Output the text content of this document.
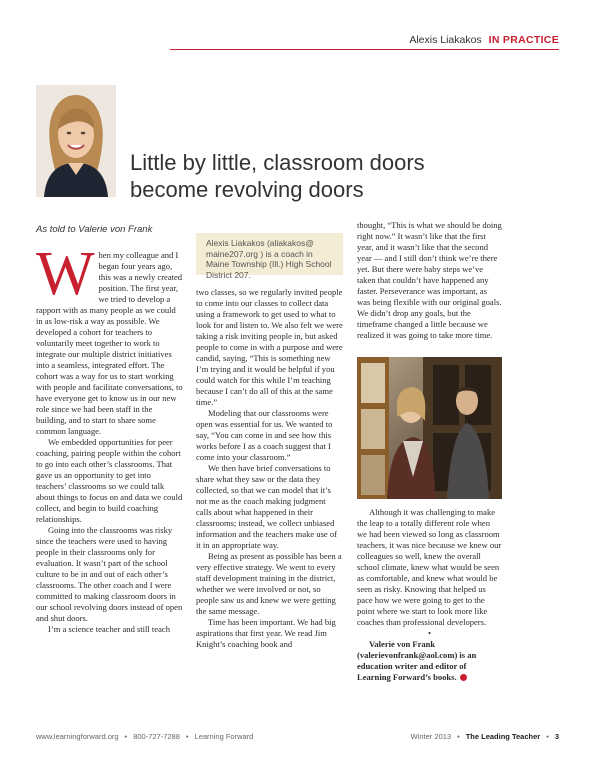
Alexis Liakakos IN PRACTICE
Little by little, classroom doors
become revolving doors
As told to Valerie von Frank
Alexis Liakakos (aliakakos@ maine207.org ) is a coach in Maine Township (Ill.) High School District 207.

When my colleague and I began four years ago, this was a newly created position. The first year, we tried to develop a rapport with as many people as we could in as low-risk a way as possible. We developed a cohort for teachers to voluntarily meet together to work to integrate our multiple district initiatives into a seamless, integrated effort. The cohort was a way for us to start working with people and facilitate conversations, to have everyone get to know us in our new role since we had been staff in the building, and to start to share some common language.

We embedded opportunities for peer coaching, pairing people within the cohort to go into each other’s classrooms. That gave us an opportunity to get into teachers’ classrooms so we could talk about things to focus on and data we could collect, and begin to build coaching relationships.

Going into the classrooms was risky since the teachers were used to having people in their classrooms only for evaluation. It wasn’t part of the school culture to be in and out of each other’s classrooms. The other coach and I were committed to making classroom doors in our school revolving doors instead of open and shut doors.

I’m a science teacher and still teach

two classes, so we regularly invited people to come into our classes to collect data using a framework to get used to what to look for and listen to. We also felt we were taking a risk inviting people in, but asked people to come in with a purpose and were candid, saying, “This is something new I’m trying and it would be helpful if you could watch for this while I’m teaching because I can’t do all of this at the same time.”

Modeling that our classrooms were open was essential for us. We wanted to say, “You can come in and see how this works before I as a coach suggest that I come into your classroom.”

We then have brief conversations to share what they saw or the data they collected, so that we can model that it’s not me as the coach making judgment calls about what happened in their classrooms; instead, we collect unbiased information and the teachers make use of it in an appropriate way.

Being as present as possible has been a very effective strategy. We went to every staff development training in the district, whether we were involved or not, so people saw us and knew we were getting the same message.

Time has been important. We had big aspirations that first year. We read Jim Knight’s coaching book and

thought, “This is what we should be doing right now.” It wasn’t like that the first year, and it wasn’t like that the second year — and I still don’t think we’re there yet. But there were baby steps we’ve taken that couldn’t have happened any faster. Perseverance was important, as was being flexible with our original goals. We didn’t drop any goals, but the timeframe changed a little because we realized it was going to take more time.

Although it was challenging to make the leap to a totally different role when we had been viewed so long as classroom teachers, it was nice because we knew our colleagues so well, knew the overall school climate, knew what would be seen as comfortable, and knew what would be seen as risky. Knowing that helped us pace how we were going to get to the point where we start to look more like coaches than professional developers.

•

Valerie von Frank (valerievonfrank@aol.com) is an education writer and editor of Learning Forward’s books.

www.learningforward.org • 800-727-7288 • Learning Forward	Winter 2013 • The Leading Teacher • 3
